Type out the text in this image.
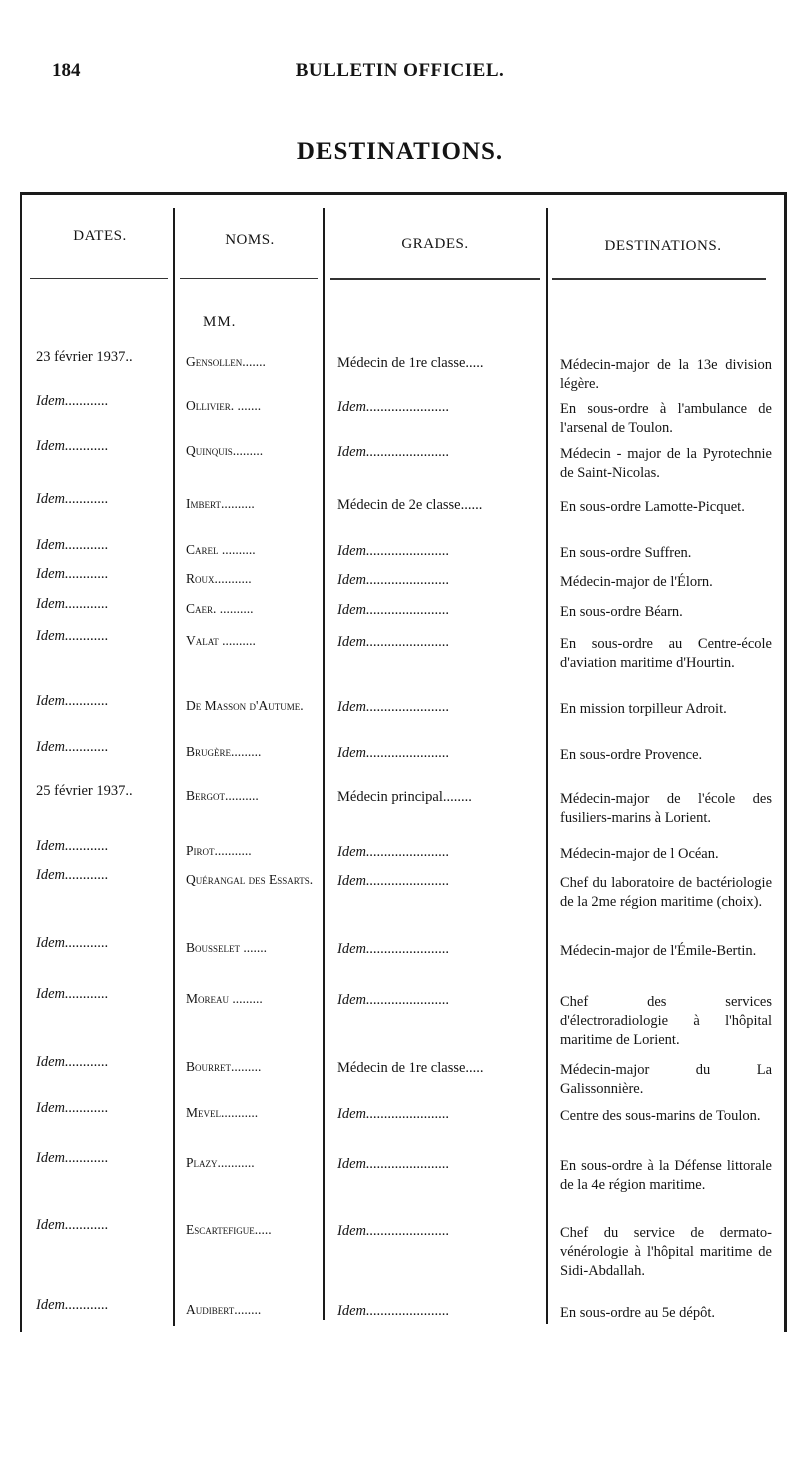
184	BULLETIN OFFICIEL.
DESTINATIONS.
DATES.	NOMS.	GRADES.	DESTINATIONS.
MM.
23 février 1937..	Gensollen.......	Médecin de 1re classe.....	Médecin-major de la 13e division légère.
Idem............	Ollivier. .......	Idem.......................	En sous-ordre à l'ambulance de l'arsenal de Toulon.
Idem............	Quinquis.........	Idem.......................	Médecin - major de la Pyrotechnie de Saint-Nicolas.
Idem............	Imbert..........	Médecin de 2e classe......	En sous-ordre Lamotte-Picquet.
Idem............	Carel ..........	Idem.......................	En sous-ordre Suffren.
Idem............	Roux...........	Idem.......................	Médecin-major de l'Élorn.
Idem............	Caer. ..........	Idem.......................	En sous-ordre Béarn.
Idem............	Valat ..........	Idem.......................	En sous-ordre au Centre-école d'aviation maritime d'Hourtin.
Idem............	De Masson d'Autume.	Idem.......................	En mission torpilleur Adroit.
Idem............	Brugère.........	Idem.......................	En sous-ordre Provence.
25 février 1937..	Bergot..........	Médecin principal........	Médecin-major de l'école des fusiliers-marins à Lorient.
Idem............	Pirot...........	Idem.......................	Médecin-major de l Océan.
Idem............	Quérangal des Essarts.	Idem.......................	Chef du laboratoire de bactériologie de la 2me région maritime (choix).
Idem............	Bousselet .......	Idem.......................	Médecin-major de l'Émile-Bertin.
Idem............	Moreau .........	Idem.......................	Chef des services d'électroradiologie à l'hôpital maritime de Lorient.
Idem............	Bourret.........	Médecin de 1re classe.....	Médecin-major du La Galissonnière.
Idem............	Mevel...........	Idem.......................	Centre des sous-marins de Toulon.
Idem............	Plazy...........	Idem.......................	En sous-ordre à la Défense littorale de la 4e région maritime.
Idem............	Escartefigue.....	Idem.......................	Chef du service de dermato-vénérologie à l'hôpital maritime de Sidi-Abdallah.
Idem............	Audibert........	Idem.......................	En sous-ordre au 5e dépôt.
